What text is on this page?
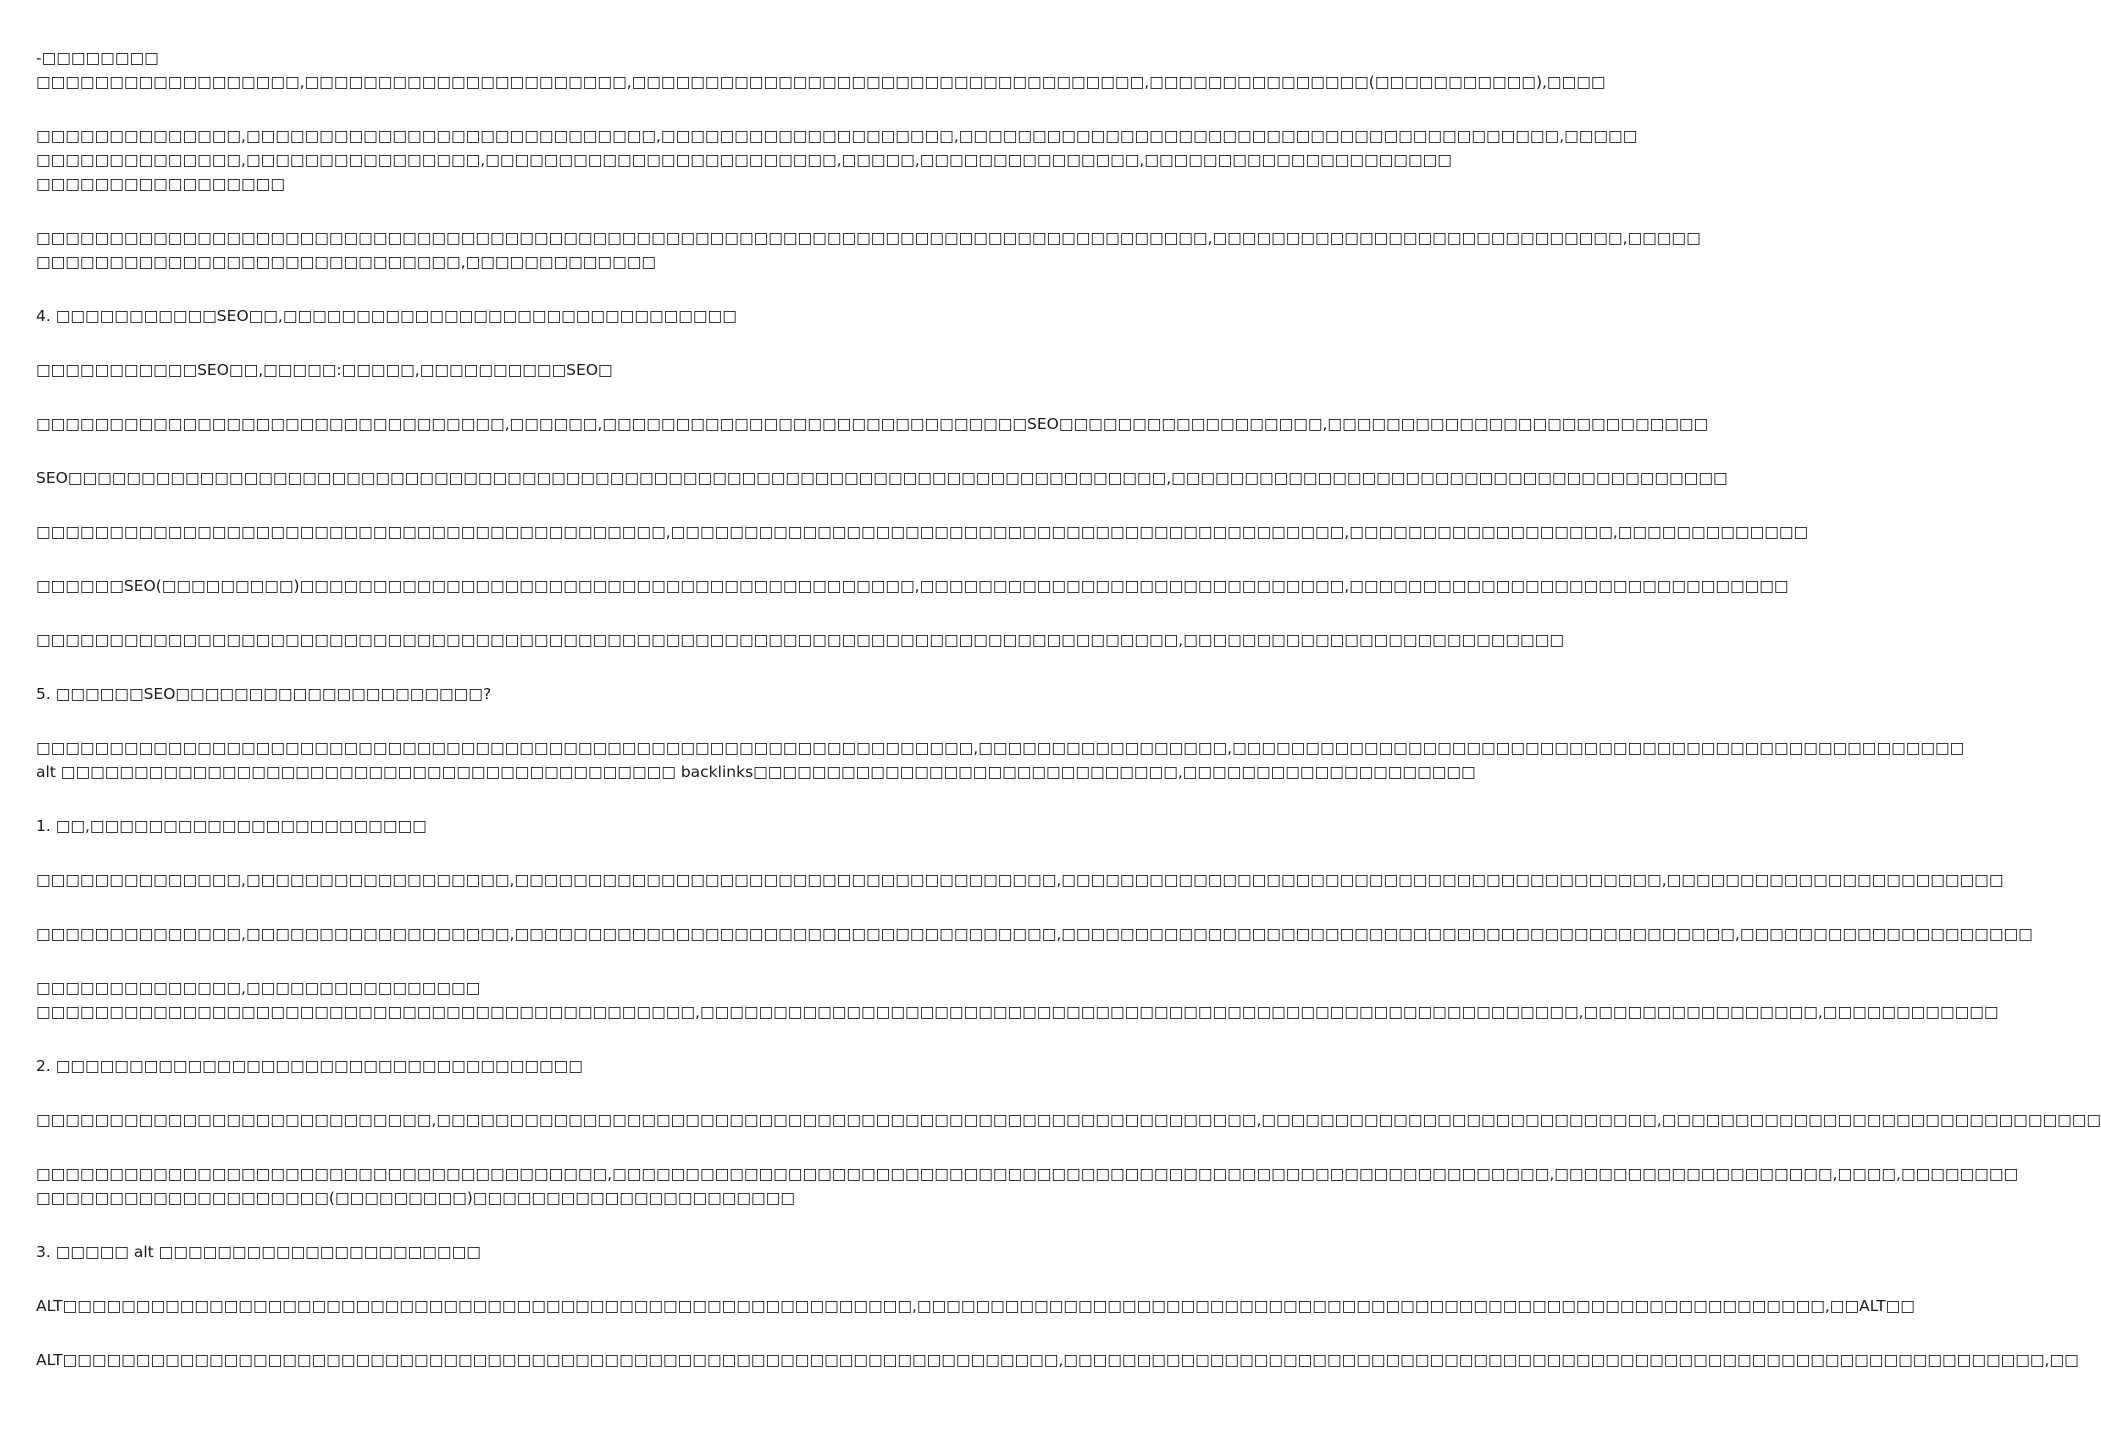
-□□□□□□□□
□□□□□□□□□□□□□□□□□□,□□□□□□□□□□□□□□□□□□□□□□,□□□□□□□□□□□□□□□□□□□□□□□□□□□□□□□□□□□,□□□□□□□□□□□□□□□(□□□□□□□□□□□),□□□□
□□□□□□□□□□□□□□,□□□□□□□□□□□□□□□□□□□□□□□□□□□□,□□□□□□□□□□□□□□□□□□□□,□□□□□□□□□□□□□□□□□□□□□□□□□□□□□□□□□□□□□□□□□,□□□□□
□□□□□□□□□□□□□□,□□□□□□□□□□□□□□□□,□□□□□□□□□□□□□□□□□□□□□□□□,□□□□□,□□□□□□□□□□□□□□□,□□□□□□□□□□□□□□□□□□□□□
□□□□□□□□□□□□□□□□□
□□□□□□□□□□□□□□□□□□□□□□□□□□□□□□□□□□□□□□□□□□□□□□□□□□□□□□□□□□□□□□□□□□□□□□□□□□□□□□□□,□□□□□□□□□□□□□□□□□□□□□□□□□□□□,□□□□□
□□□□□□□□□□□□□□□□□□□□□□□□□□□□□,□□□□□□□□□□□□□
4. □□□□□□□□□□□SEO□□,□□□□□□□□□□□□□□□□□□□□□□□□□□□□□□□
□□□□□□□□□□□SEO□□,□□□□□:□□□□□,□□□□□□□□□□SEO□
□□□□□□□□□□□□□□□□□□□□□□□□□□□□□□□□,□□□□□□,□□□□□□□□□□□□□□□□□□□□□□□□□□□□□SEO□□□□□□□□□□□□□□□□□□,□□□□□□□□□□□□□□□□□□□□□□□□□□
SEO□□□□□□□□□□□□□□□□□□□□□□□□□□□□□□□□□□□□□□□□□□□□□□□□□□□□□□□□□□□□□□□□□□□□□□□□□□□,□□□□□□□□□□□□□□□□□□□□□□□□□□□□□□□□□□□□□□
□□□□□□□□□□□□□□□□□□□□□□□□□□□□□□□□□□□□□□□□□□□,□□□□□□□□□□□□□□□□□□□□□□□□□□□□□□□□□□□□□□□□□□□□□□,□□□□□□□□□□□□□□□□□□,□□□□□□□□□□□□□
□□□□□□SEO(□□□□□□□□□)□□□□□□□□□□□□□□□□□□□□□□□□□□□□□□□□□□□□□□□□□□,□□□□□□□□□□□□□□□□□□□□□□□□□□□□□,□□□□□□□□□□□□□□□□□□□□□□□□□□□□□□
□□□□□□□□□□□□□□□□□□□□□□□□□□□□□□□□□□□□□□□□□□□□□□□□□□□□□□□□□□□□□□□□□□□□□□□□□□□□□□,□□□□□□□□□□□□□□□□□□□□□□□□□□
5. □□□□□□SEO□□□□□□□□□□□□□□□□□□□□□?
□□□□□□□□□□□□□□□□□□□□□□□□□□□□□□□□□□□□□□□□□□□□□□□□□□□□□□□□□□□□□□□□,□□□□□□□□□□□□□□□□□,□□□□□□□□□□□□□□□□□□□□□□□□□□□□□□□□□□□□□□□□□□□□□□□□□□
alt □□□□□□□□□□□□□□□□□□□□□□□□□□□□□□□□□□□□□□□□□□ backlinks□□□□□□□□□□□□□□□□□□□□□□□□□□□□□,□□□□□□□□□□□□□□□□□□□□
1. □□,□□□□□□□□□□□□□□□□□□□□□□□
□□□□□□□□□□□□□□,□□□□□□□□□□□□□□□□□□,□□□□□□□□□□□□□□□□□□□□□□□□□□□□□□□□□□□□□,□□□□□□□□□□□□□□□□□□□□□□□□□□□□□□□□□□□□□□□□□,□□□□□□□□□□□□□□□□□□□□□□□
□□□□□□□□□□□□□□,□□□□□□□□□□□□□□□□□□,□□□□□□□□□□□□□□□□□□□□□□□□□□□□□□□□□□□□□,□□□□□□□□□□□□□□□□□□□□□□□□□□□□□□□□□□□□□□□□□□□□□□,□□□□□□□□□□□□□□□□□□□□
□□□□□□□□□□□□□□,□□□□□□□□□□□□□□□□
□□□□□□□□□□□□□□□□□□□□□□□□□□□□□□□□□□□□□□□□□□□□□,□□□□□□□□□□□□□□□□□□□□□□□□□□□□□□□□□□□□□□□□□□□□□□□□□□□□□□□□□□□□,□□□□□□□□□□□□□□□□,□□□□□□□□□□□□
2. □□□□□□□□□□□□□□□□□□□□□□□□□□□□□□□□□□□□
□□□□□□□□□□□□□□□□□□□□□□□□□□□,□□□□□□□□□□□□□□□□□□□□□□□□□□□□□□□□□□□□□□□□□□□□□□□□□□□□□□□□,□□□□□□□□□□□□□□□□□□□□□□□□□□□,□□□□□□□□□□□□□□□□□□□□□□□□□□□□□□
□□□□□□□□□□□□□□□□□□□□□□□□□□□□□□□□□□□□□□□,□□□□□□□□□□□□□□□□□□□□□□□□□□□□□□□□□□□□□□□□□□□□□□□□□□□□□□□□□□□□□□□□,□□□□□□□□□□□□□□□□□□□,□□□□,□□□□□□□□
□□□□□□□□□□□□□□□□□□□□(□□□□□□□□□)□□□□□□□□□□□□□□□□□□□□□□
3. □□□□□ alt □□□□□□□□□□□□□□□□□□□□□□
ALT□□□□□□□□□□□□□□□□□□□□□□□□□□□□□□□□□□□□□□□□□□□□□□□□□□□□□□□□□□,□□□□□□□□□□□□□□□□□□□□□□□□□□□□□□□□□□□□□□□□□□□□□□□□□□□□□□□□□□□□□□,□□ALT□□
ALT□□□□□□□□□□□□□□□□□□□□□□□□□□□□□□□□□□□□□□□□□□□□□□□□□□□□□□□□□□□□□□□□□□□□,□□□□□□□□□□□□□□□□□□□□□□□□□□□□□□□□□□□□□□□□□□□□□□□□□□□□□□□□□□□□□□□□□□□,□□
